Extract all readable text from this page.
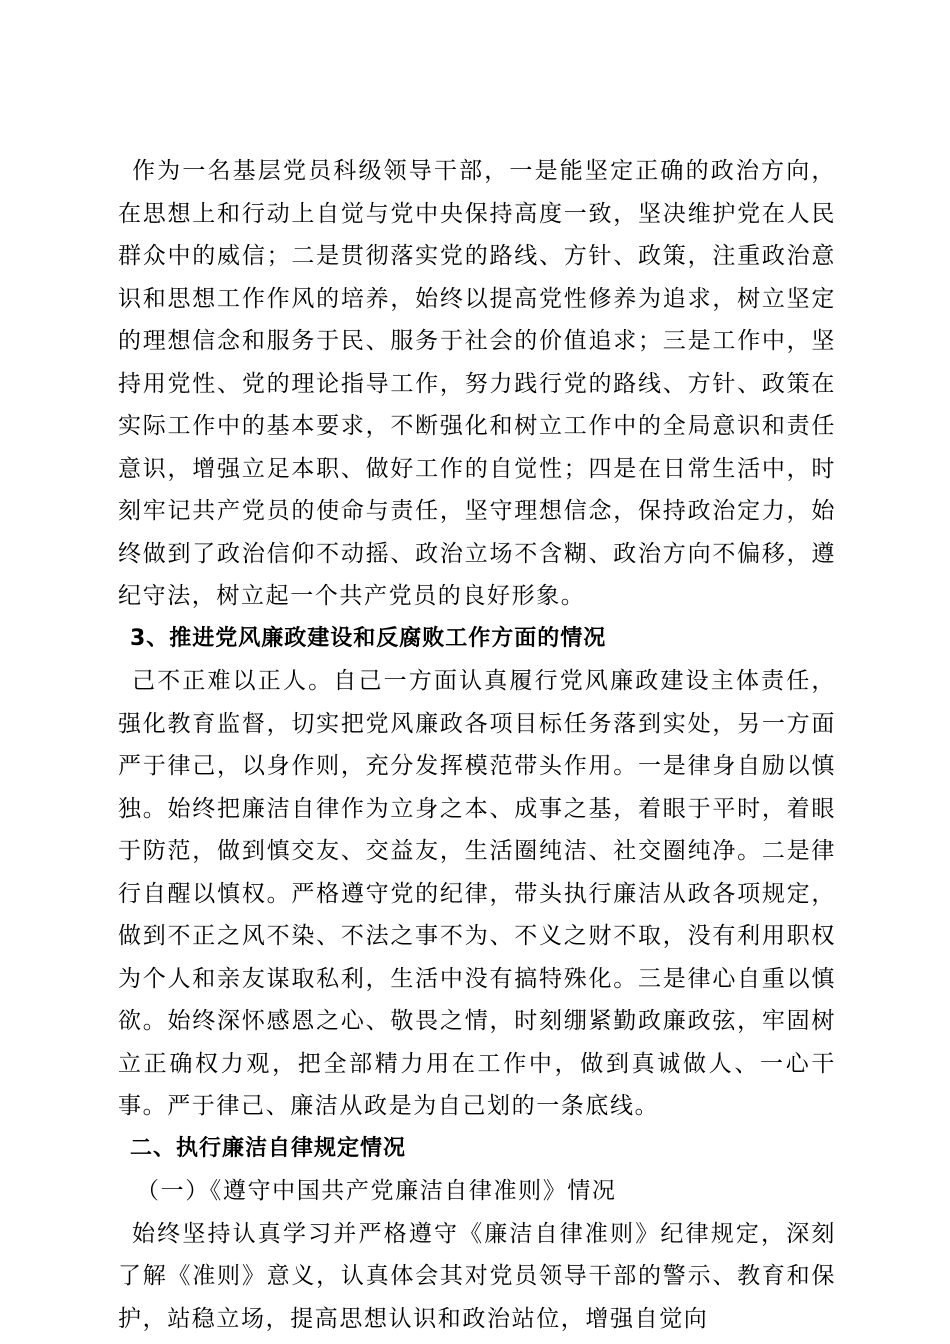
作为一名基层党员科级领导干部，一是能坚定正确的政治方向，在思想上和行动上自觉与党中央保持高度一致，坚决维护党在人民群众中的威信；二是贯彻落实党的路线、方针、政策，注重政治意识和思想工作作风的培养，始终以提高党性修养为追求，树立坚定的理想信念和服务于民、服务于社会的价值追求；三是工作中，坚持用党性、党的理论指导工作，努力践行党的路线、方针、政策在实际工作中的基本要求，不断强化和树立工作中的全局意识和责任意识，增强立足本职、做好工作的自觉性；四是在日常生活中，时刻牢记共产党员的使命与责任，坚守理想信念，保持政治定力，始终做到了政治信仰不动摇、政治立场不含糊、政治方向不偏移，遵纪守法，树立起一个共产党员的良好形象。

3、推进党风廉政建设和反腐败工作方面的情况

己不正难以正人。自己一方面认真履行党风廉政建设主体责任，强化教育监督，切实把党风廉政各项目标任务落到实处，另一方面严于律己，以身作则，充分发挥模范带头作用。一是律身自励以慎独。始终把廉洁自律作为立身之本、成事之基，着眼于平时，着眼于防范，做到慎交友、交益友，生活圈纯洁、社交圈纯净。二是律行自醒以慎权。严格遵守党的纪律，带头执行廉洁从政各项规定，做到不正之风不染、不法之事不为、不义之财不取，没有利用职权为个人和亲友谋取私利，生活中没有搞特殊化。三是律心自重以慎欲。始终深怀感恩之心、敬畏之情，时刻绷紧勤政廉政弦，牢固树立正确权力观，把全部精力用在工作中，做到真诚做人、一心干事。严于律己、廉洁从政是为自己划的一条底线。

二、执行廉洁自律规定情况

（一）《遵守中国共产党廉洁自律准则》情况

始终坚持认真学习并严格遵守《廉洁自律准则》纪律规定，深刻了解《准则》意义，认真体会其对党员领导干部的警示、教育和保护，站稳立场，提高思想认识和政治站位，增强自觉向
